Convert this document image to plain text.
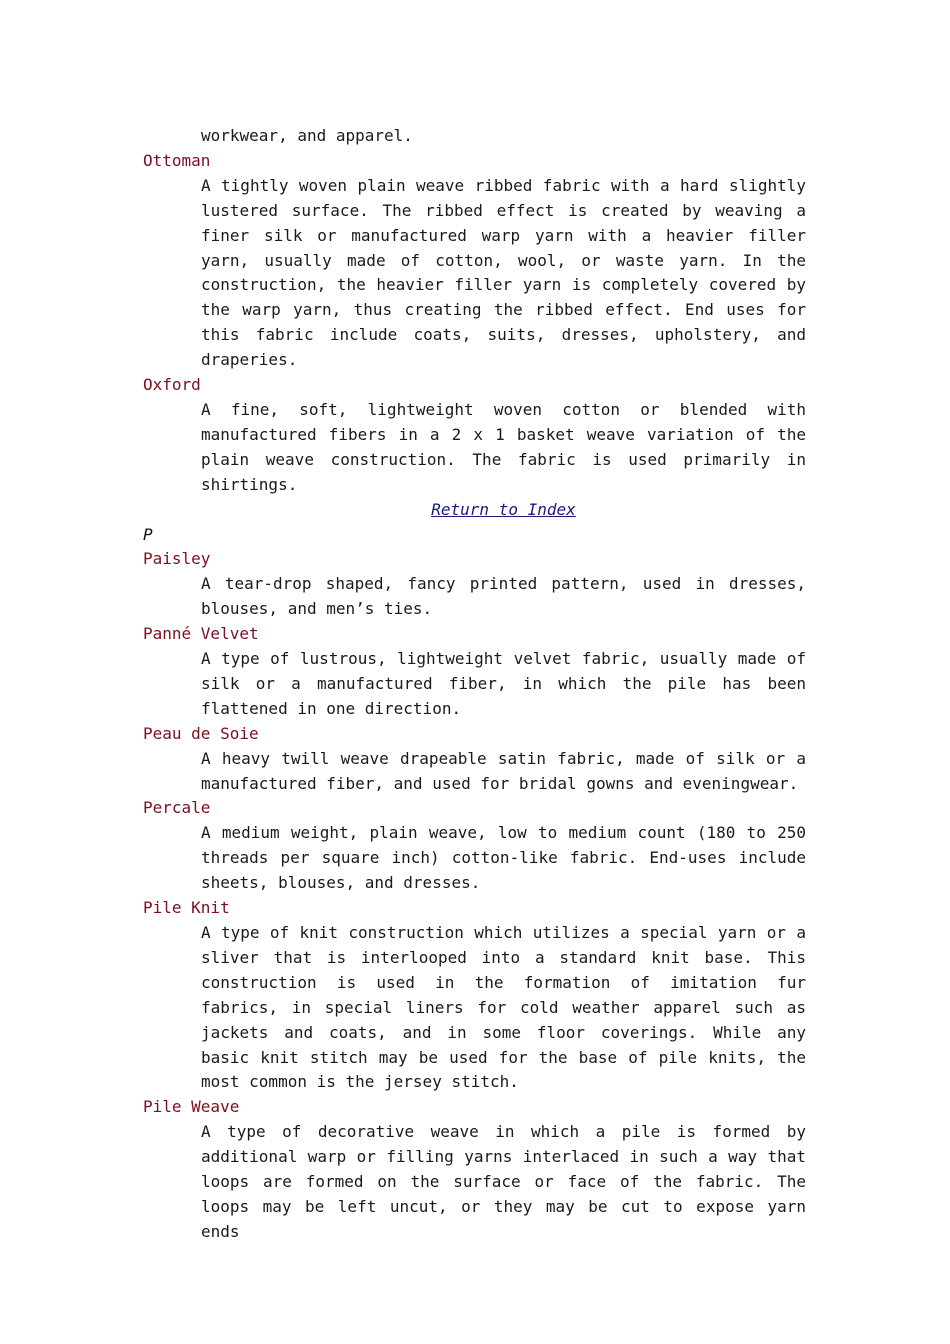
workwear, and apparel.

Ottoman

A tightly woven plain weave ribbed fabric with a hard slightly lustered surface. The ribbed effect is created by weaving a finer silk or manufactured warp yarn with a heavier filler yarn, usually made of cotton, wool, or waste yarn. In the construction, the heavier filler yarn is completely covered by the warp yarn, thus creating the ribbed effect. End uses for this fabric include coats, suits, dresses, upholstery, and draperies.

Oxford

A fine, soft, lightweight woven cotton or blended with manufactured fibers in a 2 x 1 basket weave variation of the plain weave construction. The fabric is used primarily in shirtings.

Return to Index

P

Paisley

A tear-drop shaped, fancy printed pattern, used in dresses, blouses, and men’s ties.

Panné Velvet

A type of lustrous, lightweight velvet fabric, usually made of silk or a manufactured fiber, in which the pile has been flattened in one direction.

Peau de Soie

A heavy twill weave drapeable satin fabric, made of silk or a manufactured fiber, and used for bridal gowns and eveningwear.

Percale

A medium weight, plain weave, low to medium count (180 to 250 threads per square inch) cotton-like fabric. End-uses include sheets, blouses, and dresses.

Pile Knit

A type of knit construction which utilizes a special yarn or a sliver that is interlooped into a standard knit base. This construction is used in the formation of imitation fur fabrics, in special liners for cold weather apparel such as jackets and coats, and in some floor coverings. While any basic knit stitch may be used for the base of pile knits, the most common is the jersey stitch.

Pile Weave

A type of decorative weave in which a pile is formed by additional warp or filling yarns interlaced in such a way that loops are formed on the surface or face of the fabric. The loops may be left uncut, or they may be cut to expose yarn ends
